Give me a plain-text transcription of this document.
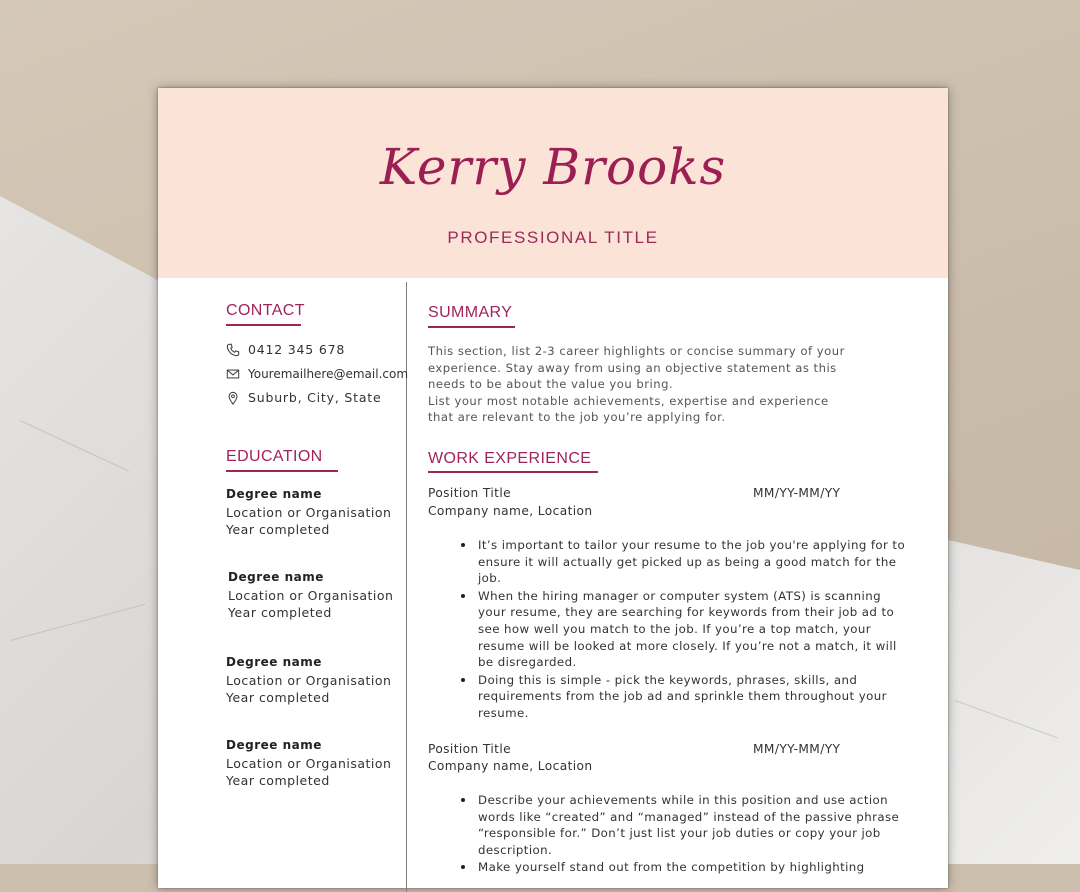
Kerry Brooks
PROFESSIONAL TITLE
CONTACT
0412 345 678
Youremailhere@email.com
Suburb, City, State
EDUCATION
Degree name
Location or Organisation
Year completed
Degree name
Location or Organisation
Year completed
Degree name
Location or Organisation
Year completed
Degree name
Location or Organisation
Year completed
SUMMARY
This section, list 2-3 career highlights or concise summary of your
experience. Stay away from using an objective statement as this
needs to be about the value you bring.
List your most notable achievements, expertise and experience
that are relevant to the job you’re applying for.
WORK EXPERIENCE
Position Title	MM/YY-MM/YY
Company name, Location
• It’s important to tailor your resume to the job you're applying for to ensure it will actually get picked up as being a good match for the job.
• When the hiring manager or computer system (ATS) is scanning your resume, they are searching for keywords from their job ad to see how well you match to the job. If you’re a top match, your resume will be looked at more closely. If you’re not a match, it will be disregarded.
• Doing this is simple - pick the keywords, phrases, skills, and requirements from the job ad and sprinkle them throughout your resume.
Position Title	MM/YY-MM/YY
Company name, Location
• Describe your achievements while in this position and use action words like “created” and “managed” instead of the passive phrase “responsible for.” Don’t just list your job duties or copy your job description.
• Make yourself stand out from the competition by highlighting
